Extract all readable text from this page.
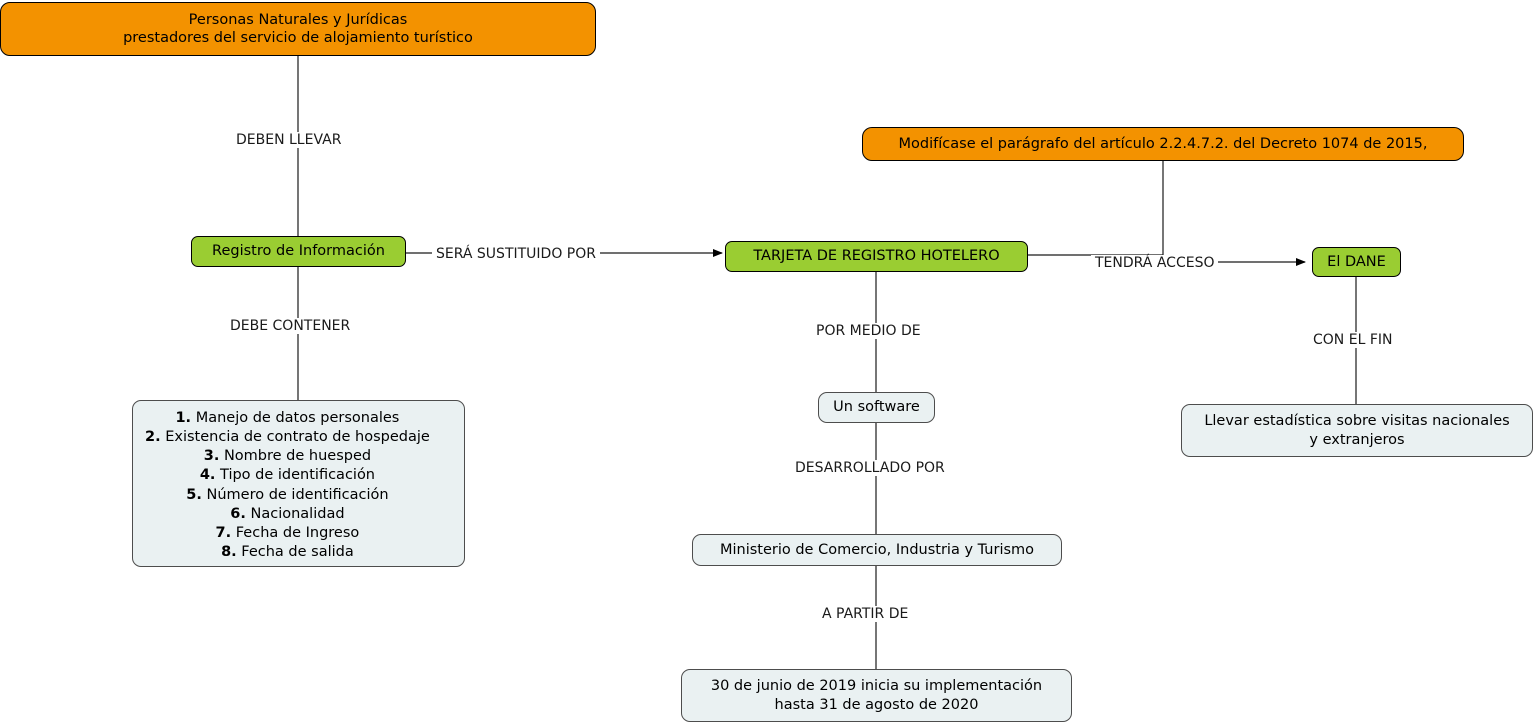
Personas Naturales y Jurídicas
prestadores del servicio de alojamiento turístico
Modifícase el parágrafo del artículo 2.2.4.7.2. del Decreto 1074 de 2015,
Registro de Información	TARJETA DE REGISTRO HOTELERO	El DANE
Un software
Ministerio de Comercio, Industria y Turismo
Llevar estadística sobre visitas nacionales
y extranjeros
30 de junio de 2019 inicia su implementación
hasta 31 de agosto de 2020
1. Manejo de datos personales
2. Existencia de contrato de hospedaje
3. Nombre de huesped
4. Tipo de identificación
5. Número de identificación
6. Nacionalidad
7. Fecha de Ingreso
8. Fecha de salida
DEBEN LLEVAR
DEBE CONTENER
SERÁ SUSTITUIDO POR
TENDRÁ ACCESO
POR MEDIO DE
DESARROLLADO POR
A PARTIR DE
CON EL FIN
